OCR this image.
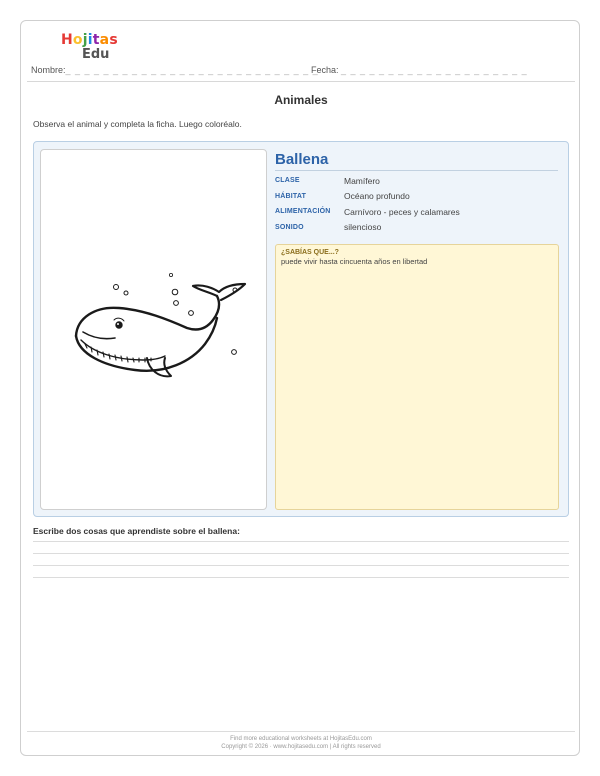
Hojitas
Edu
Nombre:_ _ _ _ _ _ _ _ _ _ _ _ _ _ _ _ _ _ _ _ _ _ _ _ _ _ _
Fecha: _ _ _ _ _ _ _ _ _ _ _ _ _ _ _ _ _ _ _ _
Animales
Observa el animal y completa la ficha. Luego coloréalo.
Ballena
CLASE	Mamífero
HÁBITAT	Océano profundo
ALIMENTACIÓN	Carnívoro - peces y calamares
SONIDO	silencioso
¿SABÍAS QUE...?
puede vivir hasta cincuenta años en libertad
Escribe dos cosas que aprendiste sobre el ballena:
Find more educational worksheets at HojitasEdu.com
Copyright © 2026 · www.hojitasedu.com | All rights reserved
